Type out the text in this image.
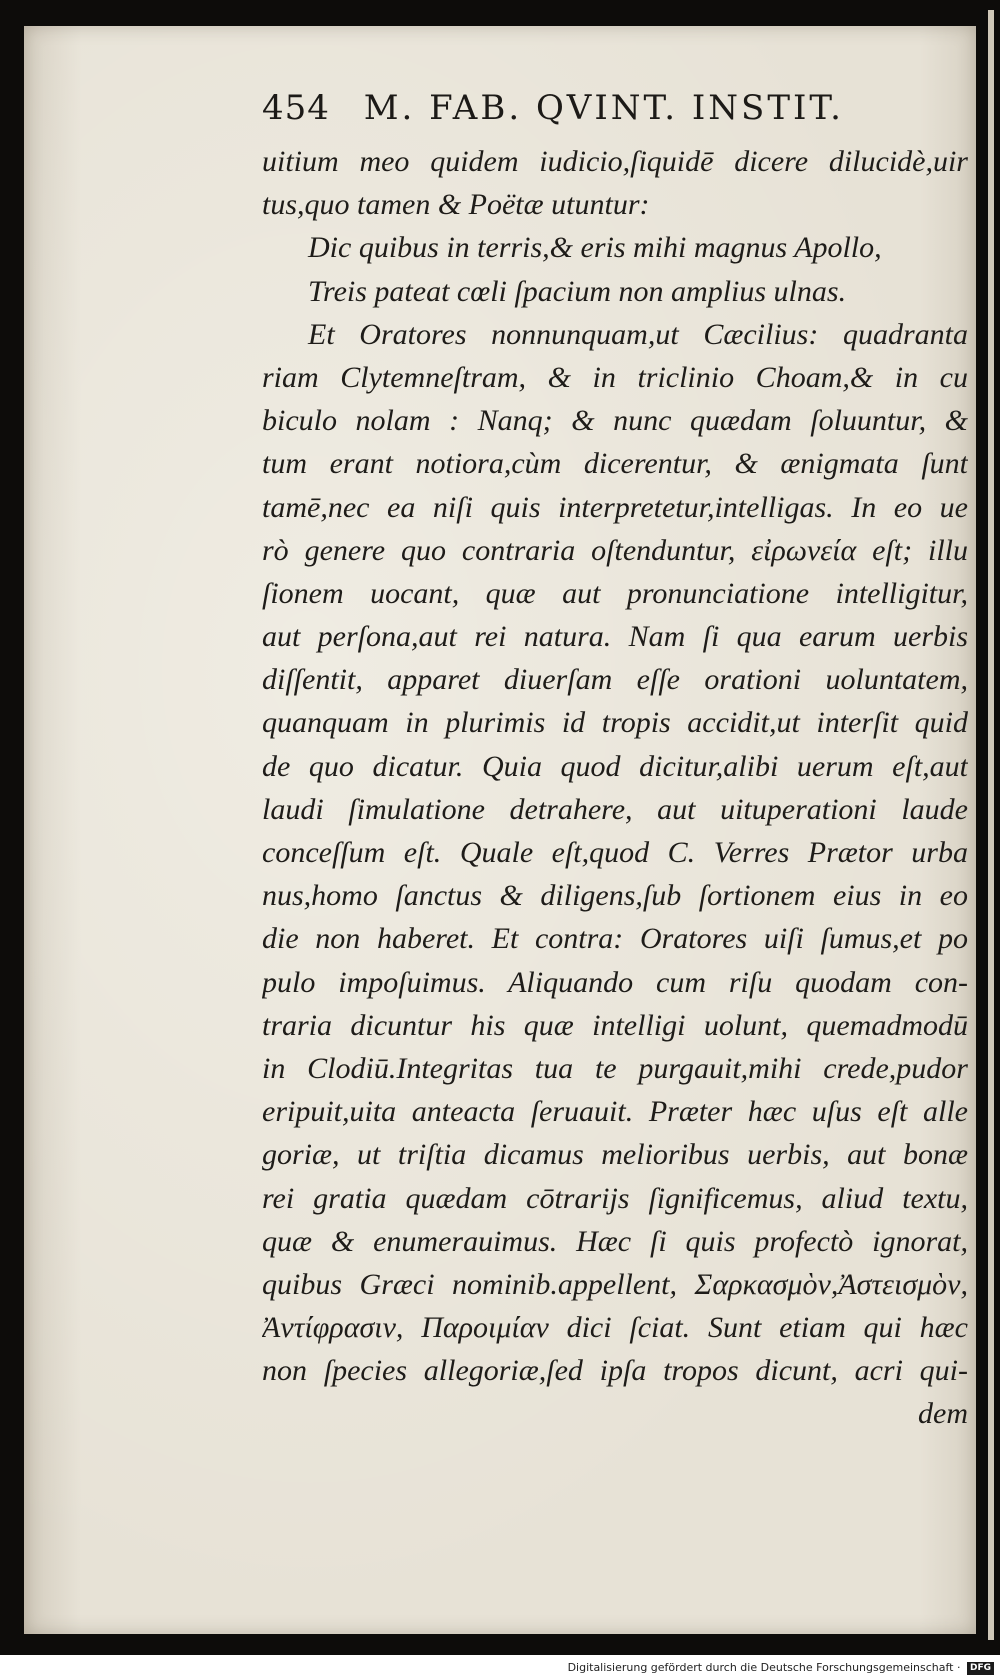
454 M. FAB. QVINT. INSTIT.
uitium meo quidem iudicio,ſiquidē dicere dilucidè,uir
tus,quo tamen & Poëtæ utuntur:
Dic quibus in terris,& eris mihi magnus Apollo,
Treis pateat cœli ſpacium non amplius ulnas.
Et Oratores nonnunquam,ut Cæcilius: quadranta
riam Clytemneſtram, & in triclinio Choam,& in cu
biculo nolam : Nanq; & nunc quædam ſoluuntur, &
tum erant notiora,cùm dicerentur, & ænigmata ſunt
tamē,nec ea niſi quis interpretetur,intelligas. In eo ue
rò genere quo contraria oſtenduntur, εἰρωνεία eſt; illu
ſionem uocant, quæ aut pronunciatione intelligitur,
aut perſona,aut rei natura. Nam ſi qua earum uerbis
diſſentit, apparet diuerſam eſſe orationi uoluntatem,
quanquam in plurimis id tropis accidit,ut interſit quid
de quo dicatur. Quia quod dicitur,alibi uerum eſt,aut
laudi ſimulatione detrahere, aut uituperationi laude
conceſſum eſt. Quale eſt,quod C. Verres Prætor urba
nus,homo ſanctus & diligens,ſub ſortionem eius in eo
die non haberet. Et contra: Oratores uiſi ſumus,et po
pulo impoſuimus. Aliquando cum riſu quodam con-
traria dicuntur his quæ intelligi uolunt, quemadmodū
in Clodiū.Integritas tua te purgauit,mihi crede,pudor
eripuit,uita anteacta ſeruauit. Præter hæc uſus eſt alle
goriæ, ut triſtia dicamus melioribus uerbis, aut bonæ
rei gratia quædam cōtrarijs ſignificemus, aliud textu,
quæ & enumerauimus. Hæc ſi quis profectò ignorat,
quibus Græci nominib.appellent, Σαρκασμὸν,Ἀστεισμὸν,
Ἀντίφρασιν, Παροιμίαν dici ſciat. Sunt etiam qui hæc
non ſpecies allegoriæ,ſed ipſa tropos dicunt, acri qui-
dem
Digitalisierung gefördert durch die Deutsche Forschungsgemeinschaft · DFG
